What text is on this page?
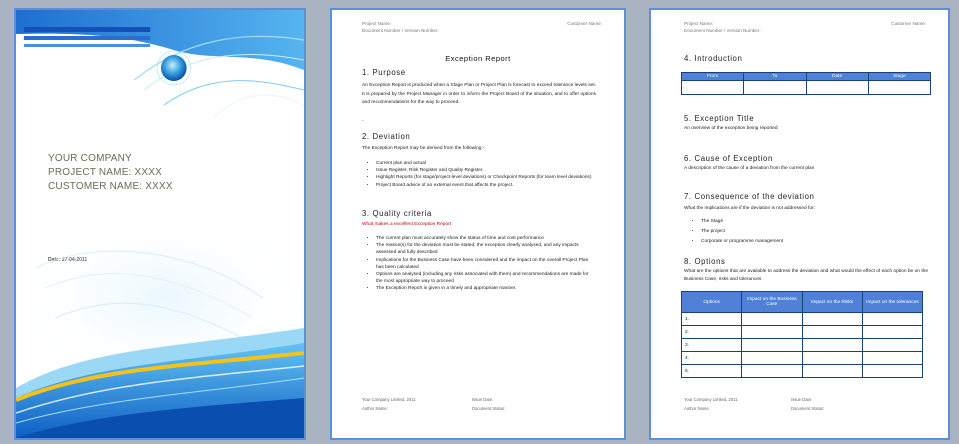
YOUR COMPANY
PROJECT NAME: XXXX
CUSTOMER NAME: XXXX
Project Name:
Document Number / Version Number:
Customer Name:
Exception Report
1. Purpose
An Exception Report is produced when a Stage Plan or Project Plan is forecast to exceed tolerance levels set. It is prepared by the Project Manager in order to inform the Project Board of the situation, and to offer options and recommendations for the way to proceed.
-
2. Deviation
The Exception Report may be derived from the following:-
• Current plan and actual
• Issue Register, Risk Register and Quality Register.
• Highlight Reports (for stage/project-level deviations) or Checkpoint Reports (for team level deviations)
• Project Board advice of an external event that affects the project.
3. Quality criteria
What makes a excellent Exception Report
• The current plan must accurately show the status of time and cost performance
• The reason(s) for the deviation must be stated, the exception clearly analysed, and any impacts assessed and fully described
• Implications for the Business Case have been considered and the impact on the overall Project Plan has been calculated
• Options are analysed (including any risks associated with them) and recommendations are made for the most appropriate way to proceed
• The Exception Report is given in a timely and appropriate manner.
Your Company Limited, 2011
Author Name:
Issue Date:
Document Status:
Project Name:
Document Number / Version Number:
Customer Name:
4. Introduction
From	To	Date	Stage

5. Exception Title
An overview of the exception being reported
6. Cause of Exception
A description of the cause of a deviation from the current plan
7. Consequence of the deviation
What the implications are if the deviation is not addressed for:
• The Stage
• The project
• Corporate or programme management
8. Options
What are the options that are available to address the deviation and what would the effect of each option be on the Business Case, risks and tolerances
Options	Impact on the Business Case	Impact on the Risks	Impact on the tolerances
1.			
2.			
3.			
4.			
5.			
Your Company Limited, 2011
Author Name:
Issue Date:
Document Status:
